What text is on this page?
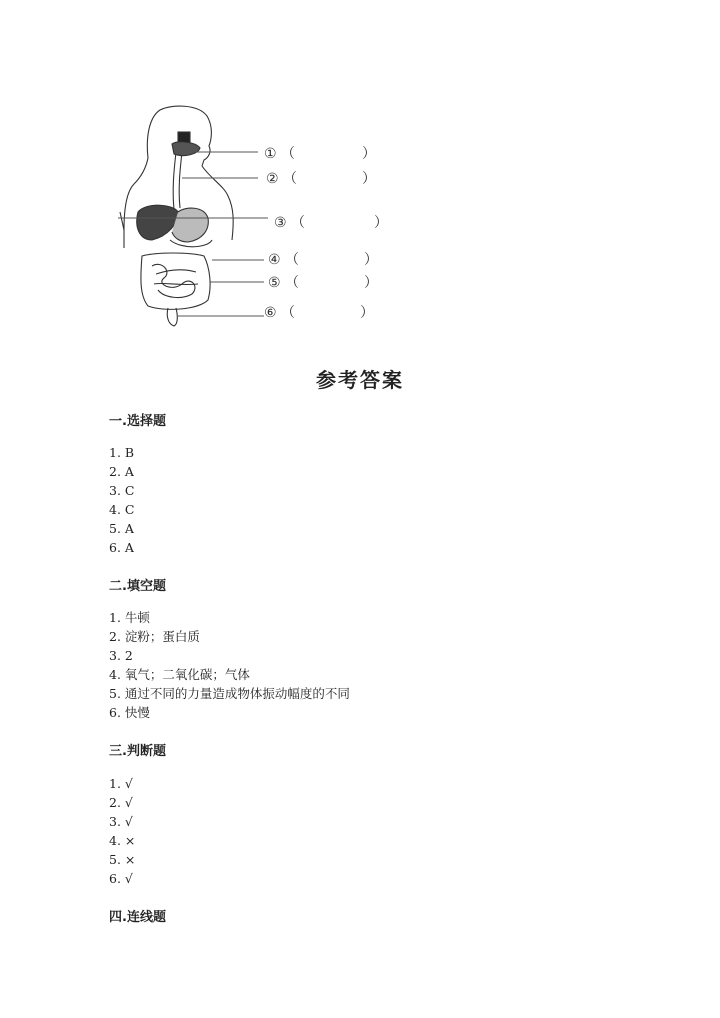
① （	）
② （	）
③ （	）
④ （	）
⑤ （	）
⑥ （	）
参考答案
一.选择题
1. B
2. A
3. C
4. C
5. A
6. A
二.填空题
1. 牛顿
2. 淀粉；蛋白质
3. 2
4. 氧气；二氧化碳；气体
5. 通过不同的力量造成物体振动幅度的不同
6. 快慢
三.判断题
1. √
2. √
3. √
4. ×
5. ×
6. √
四.连线题
